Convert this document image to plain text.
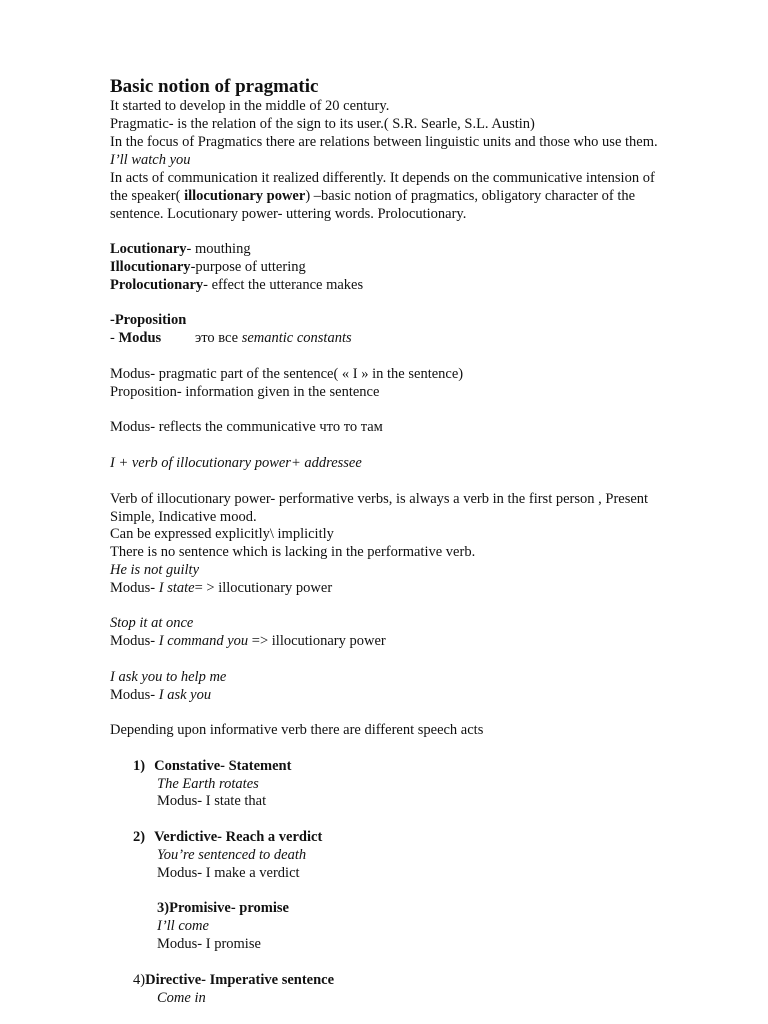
Basic notion of pragmatic
It started to develop in the middle of 20 century.
Pragmatic- is the relation of the sign to its user.( S.R. Searle, S.L. Austin)
In the focus of Pragmatics there are relations between linguistic units and those who use them.
I’ll watch you
In acts of communication it realized differently. It depends on the communicative intension of
the speaker( illocutionary power) –basic notion of pragmatics, obligatory character of the
sentence. Locutionary power- uttering words. Prolocutionary.
Locutionary- mouthing
Illocutionary-purpose of uttering
Prolocutionary- effect the utterance makes
-Proposition
- Modus это все semantic constants
Modus- pragmatic part of the sentence( « I » in the sentence)
Proposition- information given in the sentence
Modus- reflects the communicative что то там
I + verb of illocutionary power+ addressee
Verb of illocutionary power- performative verbs, is always a verb in the first person , Present
Simple, Indicative mood.
Can be expressed explicitly\ implicitly
There is no sentence which is lacking in the performative verb.
He is not guilty
Modus- I state= > illocutionary power
Stop it at once
Modus- I command you => illocutionary power
I ask you to help me
Modus- I ask you
Depending upon informative verb there are different speech acts
1) Constative- Statement
The Earth rotates
Modus- I state that
2) Verdictive- Reach a verdict
You’re sentenced to death
Modus- I make a verdict
3)Promisive- promise
I’ll come
Modus- I promise
4)Directive- Imperative sentence
Come in
